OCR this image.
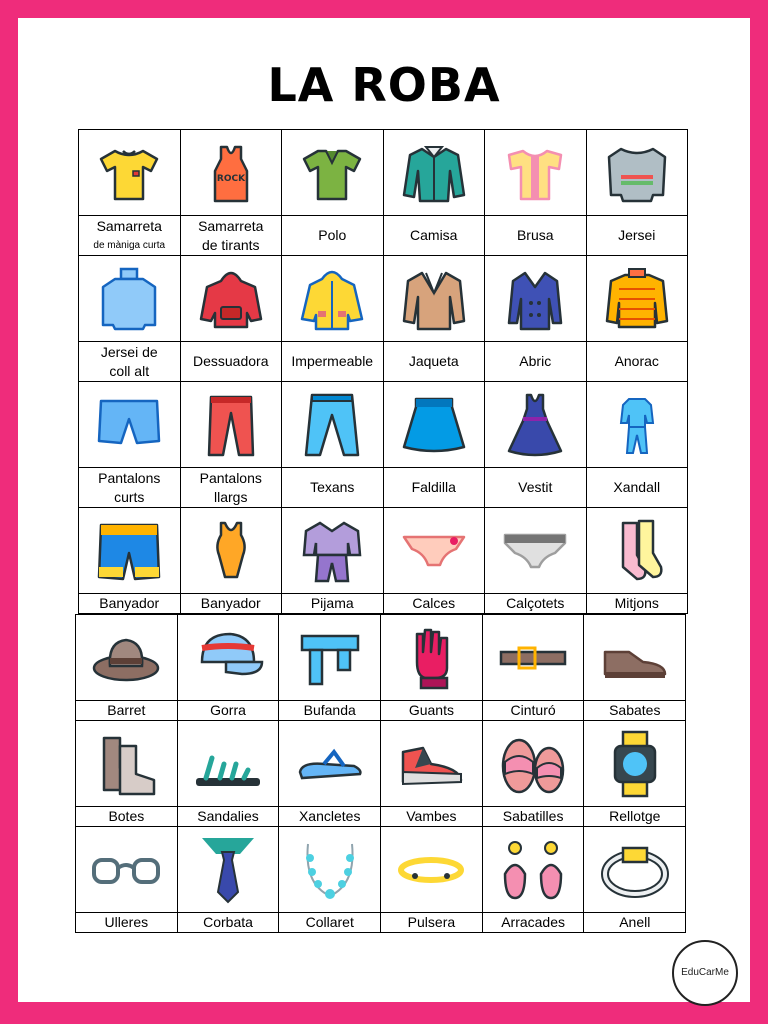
LA ROBA

ROCK

Samarreta
de màniga curta	Samarreta
de tirants	Polo	Camisa	Brusa	Jersei

Jersei de
coll alt	Dessuadora	Impermeable	Jaqueta	Abric	Anorac

Pantalons
curts	Pantalons
llargs	Texans	Faldilla	Vestit	Xandall

Banyador	Banyador	Pijama	Calces	Calçotets	Mitjons

Barret	Gorra	Bufanda	Guants	Cinturó	Sabates

Botes	Sandalies	Xancletes	Vambes	Sabatilles	Rellotge

Ulleres	Corbata	Collaret	Pulsera	Arracades	Anell
EduCarMe
